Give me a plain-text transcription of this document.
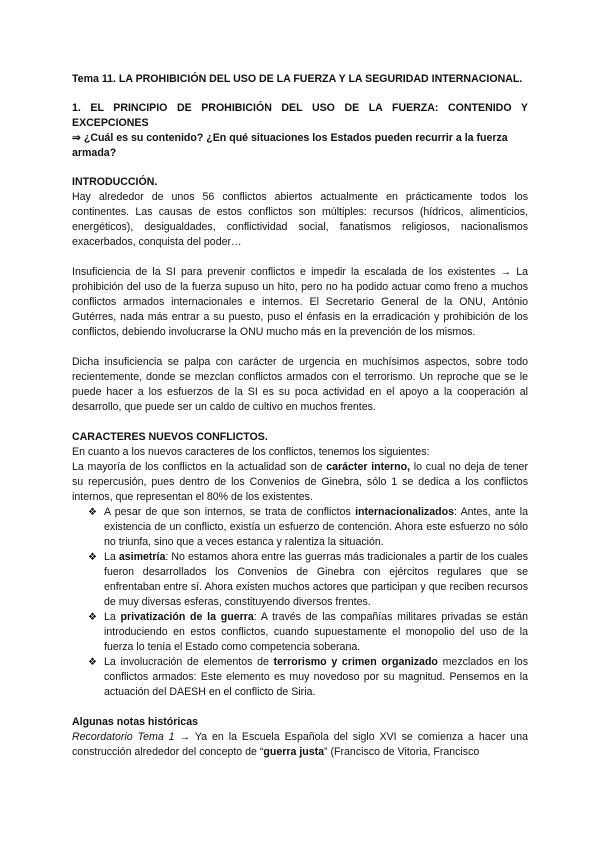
Tema 11. LA PROHIBICIÓN DEL USO DE LA FUERZA Y LA SEGURIDAD INTERNACIONAL.

1. EL PRINCIPIO DE PROHIBICIÓN DEL USO DE LA FUERZA: CONTENIDO Y EXCEPCIONES

⇒ ¿Cuál es su contenido? ¿En qué situaciones los Estados pueden recurrir a la fuerza armada?

INTRODUCCIÓN.

Hay alrededor de unos 56 conflictos abiertos actualmente en prácticamente todos los continentes. Las causas de estos conflictos son múltiples: recursos (hídricos, alimenticios, energéticos), desigualdades, conflictividad social, fanatismos religiosos, nacionalismos exacerbados, conquista del poder…

Insuficiencia de la SI para prevenir conflictos e impedir la escalada de los existentes → La prohibición del uso de la fuerza supuso un hito, pero no ha podido actuar como freno a muchos conflictos armados internacionales e internos. El Secretario General de la ONU, António Gutérres, nada más entrar a su puesto, puso el énfasis en la erradicación y prohibición de los conflictos, debiendo involucrarse la ONU mucho más en la prevención de los mismos.

Dicha insuficiencia se palpa con carácter de urgencia en muchísimos aspectos, sobre todo recientemente, donde se mezclan conflictos armados con el terrorismo. Un reproche que se le puede hacer a los esfuerzos de la SI es su poca actividad en el apoyo a la cooperación al desarrollo, que puede ser un caldo de cultivo en muchos frentes.

CARACTERES NUEVOS CONFLICTOS.

En cuanto a los nuevos caracteres de los conflictos, tenemos los siguientes:

La mayoría de los conflictos en la actualidad son de carácter interno, lo cual no deja de tener su repercusión, pues dentro de los Convenios de Ginebra, sólo 1 se dedica a los conflictos internos, que representan el 80% de los existentes.

❖ A pesar de que son internos, se trata de conflictos internacionalizados: Antes, ante la existencia de un conflicto, existía un esfuerzo de contención. Ahora este esfuerzo no sólo no triunfa, sino que a veces estanca y ralentiza la situación.
❖ La asimetría: No estamos ahora entre las guerras más tradicionales a partir de los cuales fueron desarrollados los Convenios de Ginebra con ejércitos regulares que se enfrentaban entre sí. Ahora existen muchos actores que participan y que reciben recursos de muy diversas esferas, constituyendo diversos frentes.
❖ La privatización de la guerra: A través de las compañías militares privadas se están introduciendo en estos conflictos, cuando supuestamente el monopolio del uso de la fuerza lo tenía el Estado como competencia soberana.
❖ La involucración de elementos de terrorismo y crimen organizado mezclados en los conflictos armados: Este elemento es muy novedoso por su magnitud. Pensemos en la actuación del DAESH en el conflicto de Siria.

Algunas notas históricas

Recordatorio Tema 1 → Ya en la Escuela Española del siglo XVI se comienza a hacer una construcción alrededor del concepto de “guerra justa” (Francisco de Vitoria, Francisco
